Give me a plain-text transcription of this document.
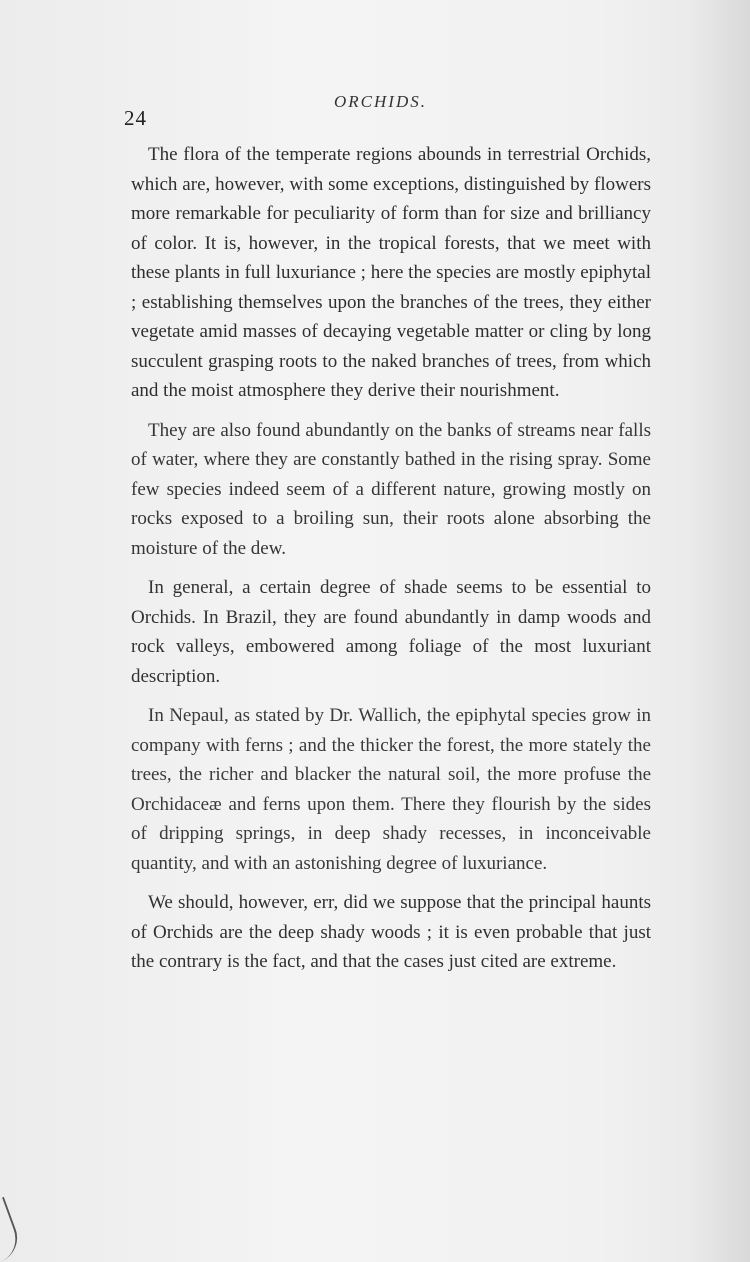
24
ORCHIDS.

The flora of the temperate regions abounds in terrestrial Orchids, which are, however, with some exceptions, distinguished by flowers more remarkable for peculiarity of form than for size and brilliancy of color. It is, however, in the tropical forests, that we meet with these plants in full luxuriance ; here the species are mostly epiphytal ; establishing themselves upon the branches of the trees, they either vegetate amid masses of decaying vegetable matter or cling by long succulent grasping roots to the naked branches of trees, from which and the moist atmosphere they derive their nourishment.

They are also found abundantly on the banks of streams near falls of water, where they are constantly bathed in the rising spray. Some few species indeed seem of a different nature, growing mostly on rocks exposed to a broiling sun, their roots alone absorbing the moisture of the dew.

In general, a certain degree of shade seems to be essential to Orchids. In Brazil, they are found abundantly in damp woods and rock valleys, embowered among foliage of the most luxuriant description.

In Nepaul, as stated by Dr. Wallich, the epiphytal species grow in company with ferns ; and the thicker the forest, the more stately the trees, the richer and blacker the natural soil, the more profuse the Orchidaceæ and ferns upon them. There they flourish by the sides of dripping springs, in deep shady recesses, in inconceivable quantity, and with an astonishing degree of luxuriance.

We should, however, err, did we suppose that the principal haunts of Orchids are the deep shady woods ; it is even probable that just the contrary is the fact, and that the cases just cited are extreme.
